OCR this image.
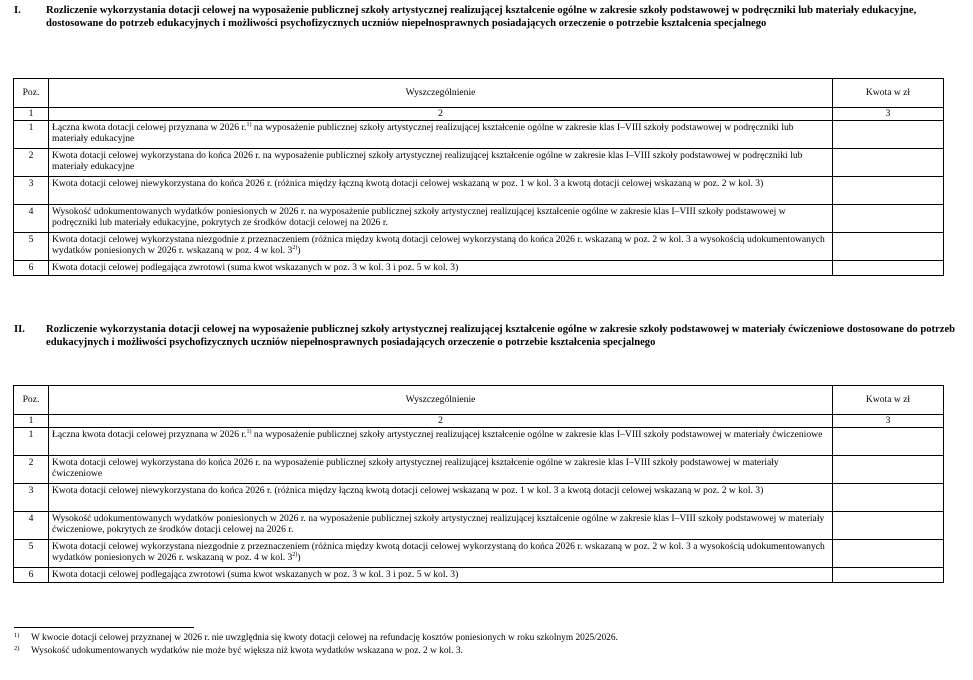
I. Rozliczenie wykorzystania dotacji celowej na wyposażenie publicznej szkoły artystycznej realizującej kształcenie ogólne w zakresie szkoły podstawowej w podręczniki lub materiały edukacyjne, dostosowane do potrzeb edukacyjnych i możliwości psychofizycznych uczniów niepełnosprawnych posiadających orzeczenie o potrzebie kształcenia specjalnego
Poz.	Wyszczególnienie	Kwota w zł
1	2	3
1	Łączna kwota dotacji celowej przyznana w 2026 r.$^{1)}$ na wyposażenie publicznej szkoły artystycznej realizującej kształcenie ogólne w zakresie klas I–VIII szkoły podstawowej w podręczniki lub materiały edukacyjne	
2	Kwota dotacji celowej wykorzystana do końca 2026 r. na wyposażenie publicznej szkoły artystycznej realizującej kształcenie ogólne w zakresie klas I–VIII szkoły podstawowej w podręczniki lub materiały edukacyjne	
3	Kwota dotacji celowej niewykorzystana do końca 2026 r. (różnica między łączną kwotą dotacji celowej wskazaną w poz. 1 w kol. 3 a kwotą dotacji celowej wskazaną w poz. 2 w kol. 3)	
4	Wysokość udokumentowanych wydatków poniesionych w 2026 r. na wyposażenie publicznej szkoły artystycznej realizującej kształcenie ogólne w zakresie klas I–VIII szkoły podstawowej w podręczniki lub materiały edukacyjne, pokrytych ze środków dotacji celowej na 2026 r.	
5	Kwota dotacji celowej wykorzystana niezgodnie z przeznaczeniem (różnica między kwotą dotacji celowej wykorzystaną do końca 2026 r. wskazaną w poz. 2 w kol. 3 a wysokością udokumentowanych wydatków poniesionych w 2026 r. wskazaną w poz. 4 w kol. 3$^{2)}$)	
6	Kwota dotacji celowej podlegająca zwrotowi (suma kwot wskazanych w poz. 3 w kol. 3 i poz. 5 w kol. 3)	
II. Rozliczenie wykorzystania dotacji celowej na wyposażenie publicznej szkoły artystycznej realizującej kształcenie ogólne w zakresie szkoły podstawowej w materiały ćwiczeniowe dostosowane do potrzeb edukacyjnych i możliwości psychofizycznych uczniów niepełnosprawnych posiadających orzeczenie o potrzebie kształcenia specjalnego
Poz.	Wyszczególnienie	Kwota w zł
1	2	3
1	Łączna kwota dotacji celowej przyznana w 2026 r.$^{1)}$ na wyposażenie publicznej szkoły artystycznej realizującej kształcenie ogólne w zakresie klas I–VIII szkoły podstawowej w materiały ćwiczeniowe	
2	Kwota dotacji celowej wykorzystana do końca 2026 r. na wyposażenie publicznej szkoły artystycznej realizującej kształcenie ogólne w zakresie klas I–VIII szkoły podstawowej w materiały ćwiczeniowe	
3	Kwota dotacji celowej niewykorzystana do końca 2026 r. (różnica między łączną kwotą dotacji celowej wskazaną w poz. 1 w kol. 3 a kwotą dotacji celowej wskazaną w poz. 2 w kol. 3)	
4	Wysokość udokumentowanych wydatków poniesionych w 2026 r. na wyposażenie publicznej szkoły artystycznej realizującej kształcenie ogólne w zakresie klas I–VIII szkoły podstawowej w materiały ćwiczeniowe, pokrytych ze środków dotacji celowej na 2026 r.	
5	Kwota dotacji celowej wykorzystana niezgodnie z przeznaczeniem (różnica między kwotą dotacji celowej wykorzystaną do końca 2026 r. wskazaną w poz. 2 w kol. 3 a wysokością udokumentowanych wydatków poniesionych w 2026 r. wskazaną w poz. 4 w kol. 3$^{2)}$)	
6	Kwota dotacji celowej podlegająca zwrotowi (suma kwot wskazanych w poz. 3 w kol. 3 i poz. 5 w kol. 3)	
1) W kwocie dotacji celowej przyznanej w 2026 r. nie uwzględnia się kwoty dotacji celowej na refundację kosztów poniesionych w roku szkolnym 2025/2026.
2) Wysokość udokumentowanych wydatków nie może być większa niż kwota wydatków wskazana w poz. 2 w kol. 3.
